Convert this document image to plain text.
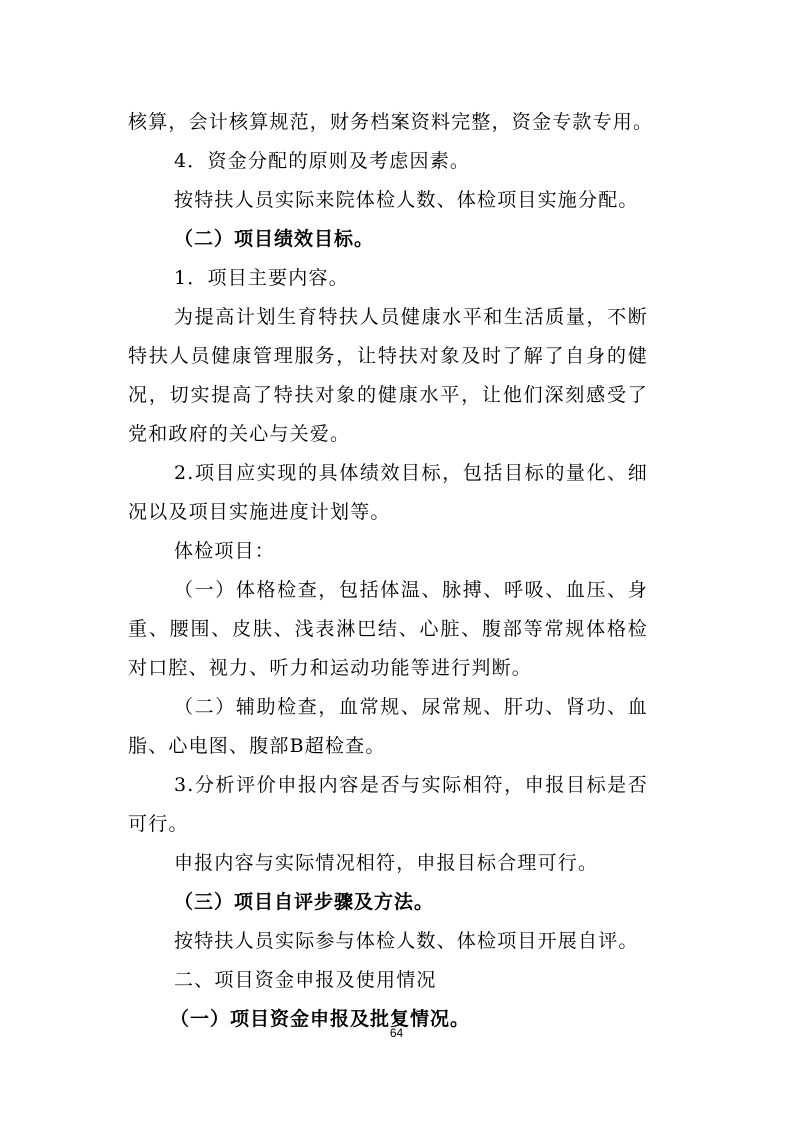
核算，会计核算规范，财务档案资料完整，资金专款专用。
4．资金分配的原则及考虑因素。
按特扶人员实际来院体检人数、体检项目实施分配。
（二）项目绩效目标。
1．项目主要内容。
为提高计划生育特扶人员健康水平和生活质量，不断
特扶人员健康管理服务，让特扶对象及时了解了自身的健
况，切实提高了特扶对象的健康水平，让他们深刻感受了
党和政府的关心与关爱。
2.项目应实现的具体绩效目标，包括目标的量化、细
况以及项目实施进度计划等。
体检项目：
（一）体格检查，包括体温、脉搏、呼吸、血压、身
重、腰围、皮肤、浅表淋巴结、心脏、腹部等常规体格检
对口腔、视力、听力和运动功能等进行判断。
（二）辅助检查，血常规、尿常规、肝功、肾功、血
脂、心电图、腹部B超检查。
3.分析评价申报内容是否与实际相符，申报目标是否
可行。
申报内容与实际情况相符，申报目标合理可行。
（三）项目自评步骤及方法。
按特扶人员实际参与体检人数、体检项目开展自评。
二、项目资金申报及使用情况
（一）项目资金申报及批复情况。
64
